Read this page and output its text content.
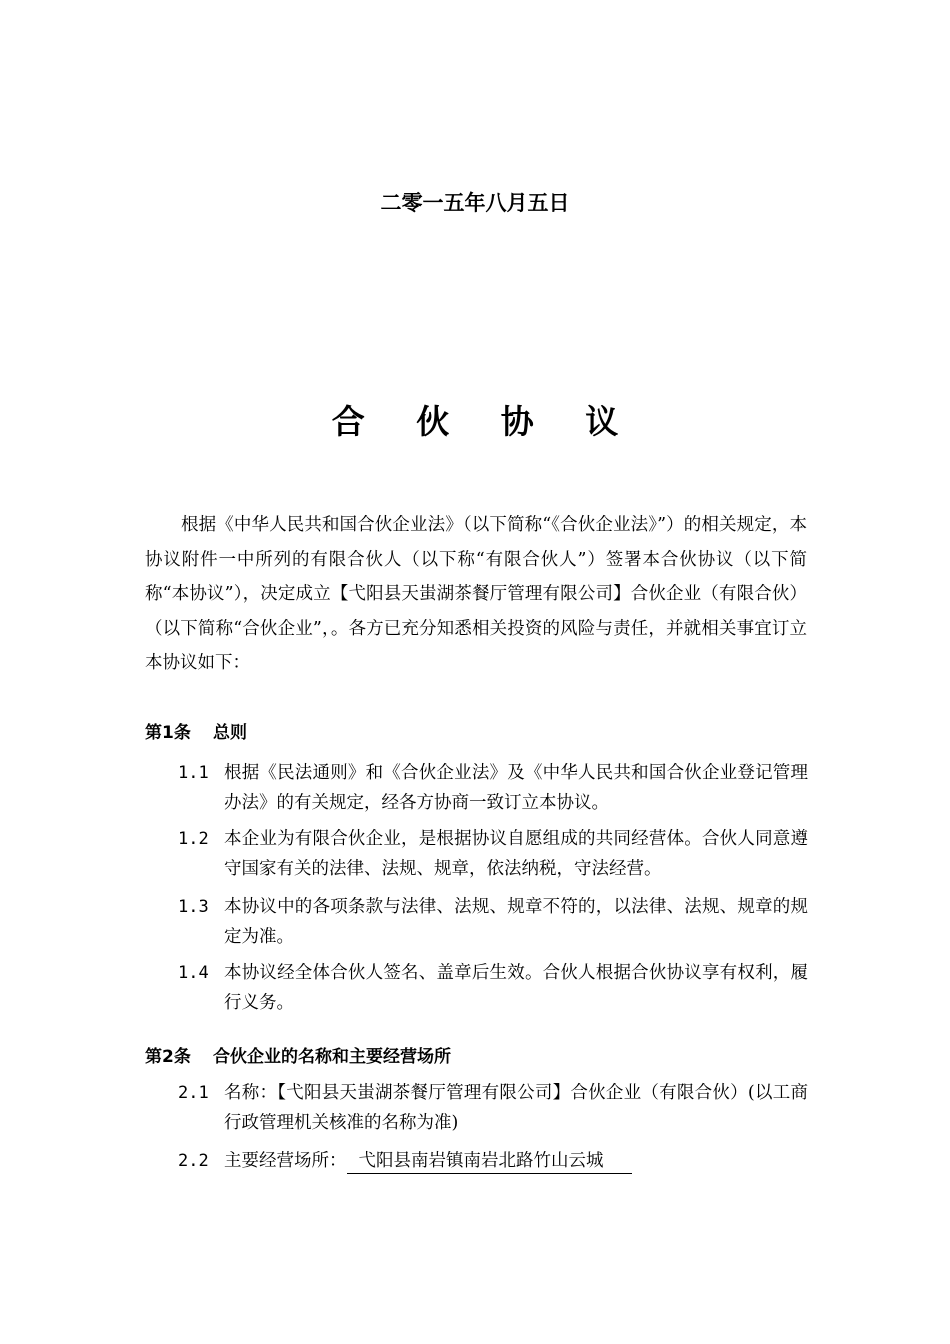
二零一五年八月五日
合 伙 协 议

根据《中华人民共和国合伙企业法》（以下简称“《合伙企业法》”）的相关规定，本协议附件一中所列的有限合伙人（以下称“有限合伙人”）签署本合伙协议（以下简称“本协议”），决定成立【弋阳县天蚩湖茶餐厅管理有限公司】合伙企业（有限合伙）（以下简称“合伙企业”，。各方已充分知悉相关投资的风险与责任，并就相关事宜订立本协议如下：

第1条 总则
1.1 根据《民法通则》和《合伙企业法》及《中华人民共和国合伙企业登记管理办法》的有关规定，经各方协商一致订立本协议。
1.2 本企业为有限合伙企业，是根据协议自愿组成的共同经营体。合伙人同意遵守国家有关的法律、法规、规章，依法纳税，守法经营。
1.3 本协议中的各项条款与法律、法规、规章不符的，以法律、法规、规章的规定为准。
1.4 本协议经全体合伙人签名、盖章后生效。合伙人根据合伙协议享有权利，履行义务。
第2条 合伙企业的名称和主要经营场所
2.1 名称：【弋阳县天蚩湖茶餐厅管理有限公司】合伙企业（有限合伙）(以工商行政管理机关核准的名称为准)
2.2 主要经营场所： 弋阳县南岩镇南岩北路竹山云城
